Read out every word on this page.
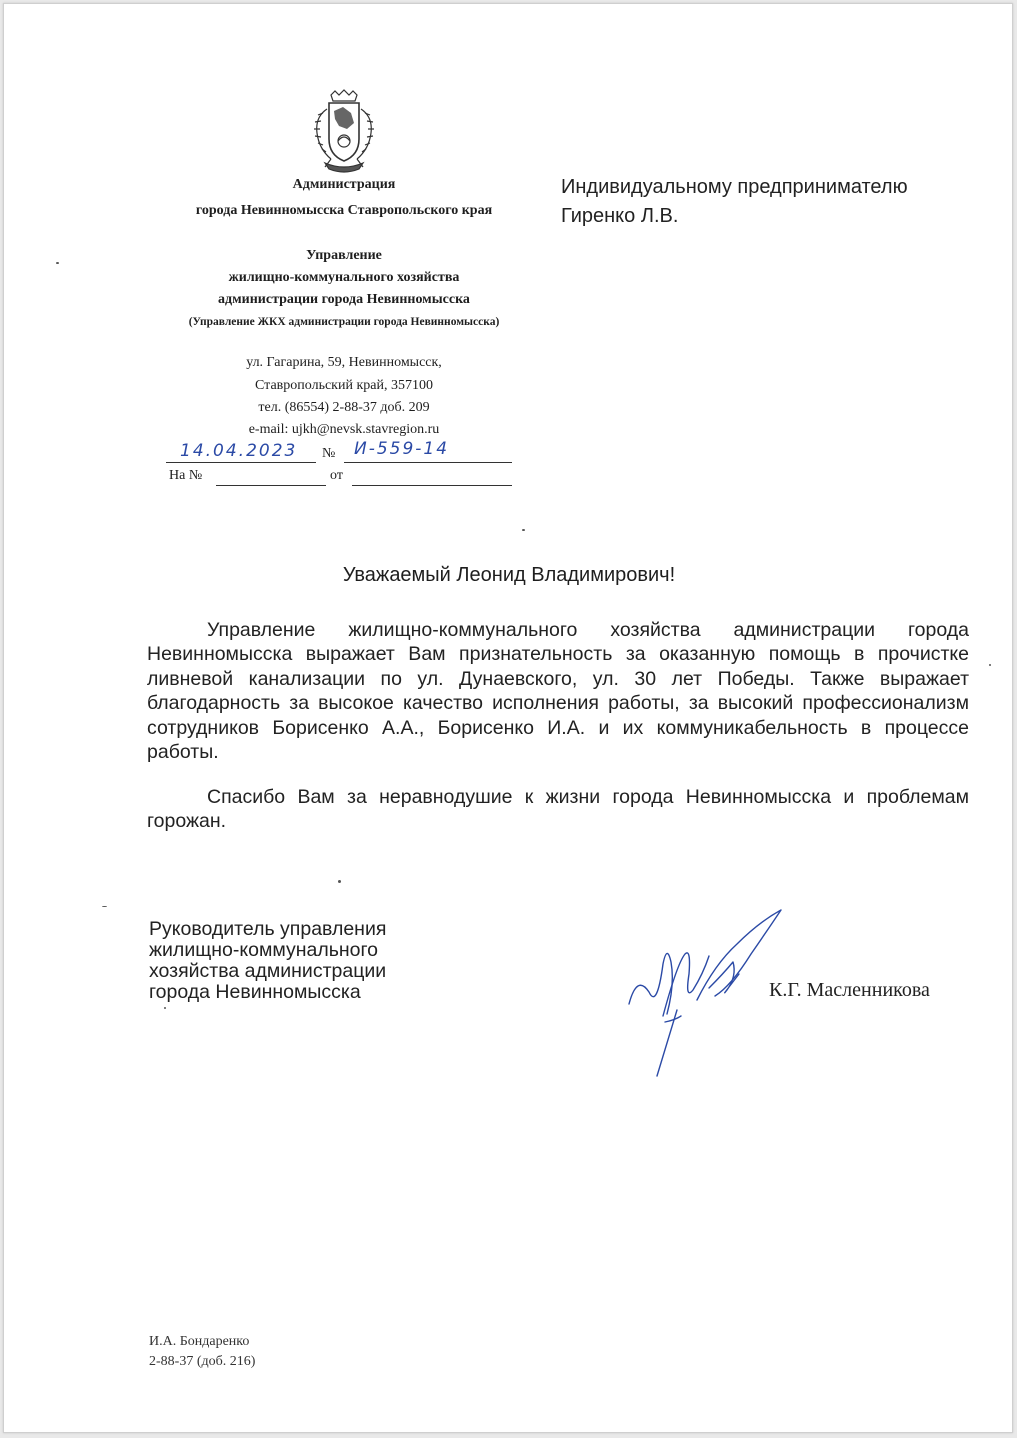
Администрация
города Невинномысска Ставропольского края
Управление
жилищно-коммунального хозяйства
администрации города Невинномысска
(Управление ЖКХ администрации города Невинномысска)
ул. Гагарина, 59, Невинномысск,
Ставропольский край, 357100
тел. (86554) 2-88-37 доб. 209
e-mail: ujkh@nevsk.stavregion.ru
14.04.2023 № И-559-14
На №	от
Индивидуальному предпринимателю
Гиренко Л.В.
Уважаемый Леонид Владимирович!
Управление жилищно-коммунального хозяйства администрации города Невинномысска выражает Вам признательность за оказанную помощь в прочистке ливневой канализации по ул. Дунаевского, ул. 30 лет Победы. Также выражает благодарность за высокое качество исполнения работы, за высокий профессионализм сотрудников Борисенко А.А., Борисенко И.А. и их коммуникабельность в процессе работы.
Спасибо Вам за неравнодушие к жизни города Невинномысска и проблемам горожан.
Руководитель управления
жилищно-коммунального
хозяйства администрации
города Невинномысска	К.Г. Масленникова
И.А. Бондаренко
2-88-37 (доб. 216)
